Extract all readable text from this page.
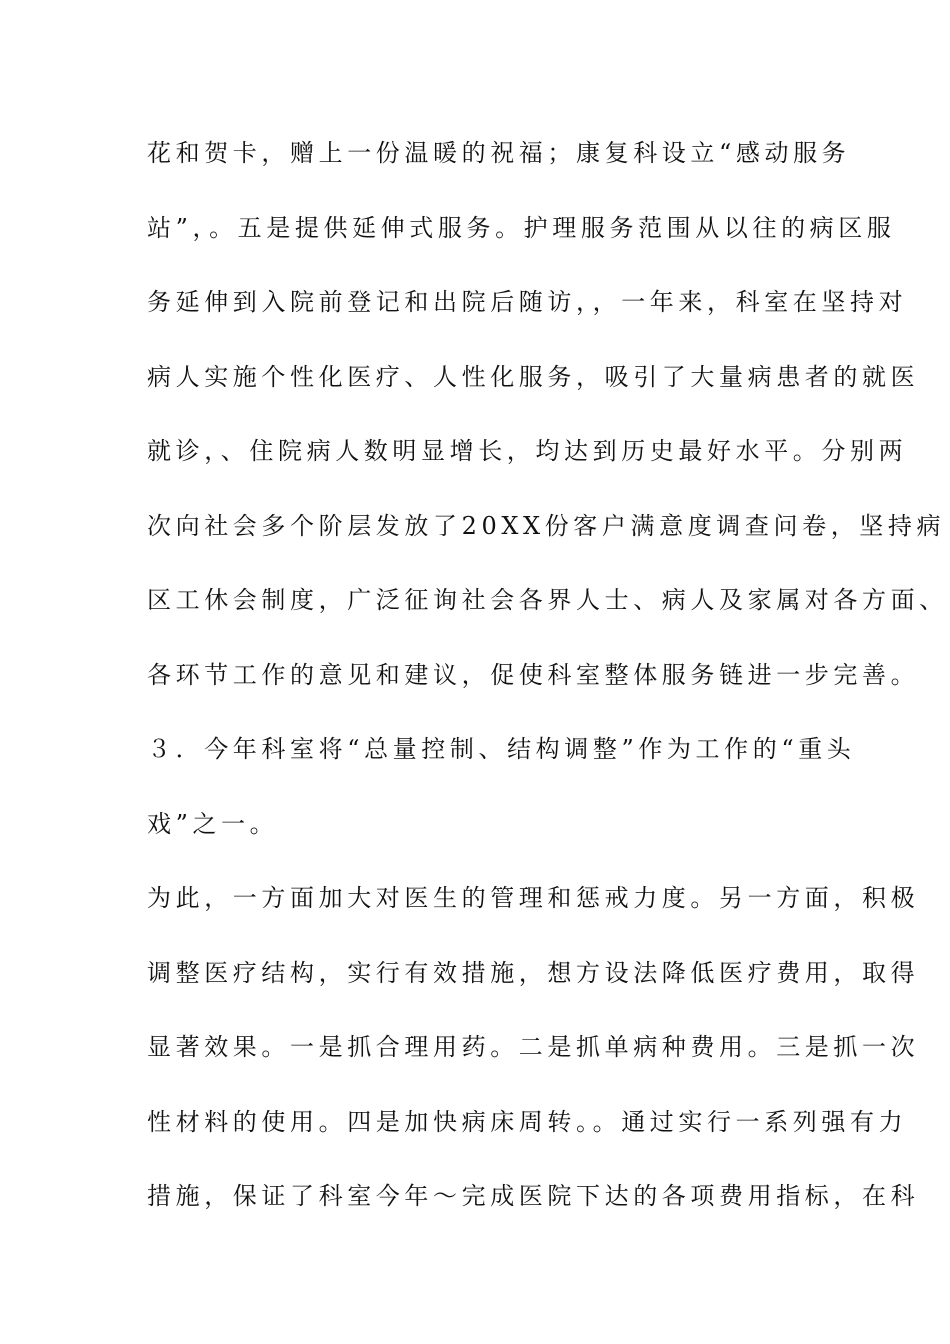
花和贺卡，赠上一份温暖的祝福；康复科设立“感动服务
站”，。五是提供延伸式服务。护理服务范围从以往的病区服
务延伸到入院前登记和出院后随访，，一年来，科室在坚持对
病人实施个性化医疗、人性化服务，吸引了大量病患者的就医
就诊，、住院病人数明显增长，均达到历史最好水平。分别两
次向社会多个阶层发放了20XX份客户满意度调查问卷，坚持病
区工休会制度，广泛征询社会各界人士、病人及家属对各方面、
各环节工作的意见和建议，促使科室整体服务链进一步完善。
３．今年科室将“总量控制、结构调整”作为工作的“重头
戏”之一。
为此，一方面加大对医生的管理和惩戒力度。另一方面，积极
调整医疗结构，实行有效措施，想方设法降低医疗费用，取得
显著效果。一是抓合理用药。二是抓单病种费用。三是抓一次
性材料的使用。四是加快病床周转。。通过实行一系列强有力
措施，保证了科室今年～完成医院下达的各项费用指标，在科
